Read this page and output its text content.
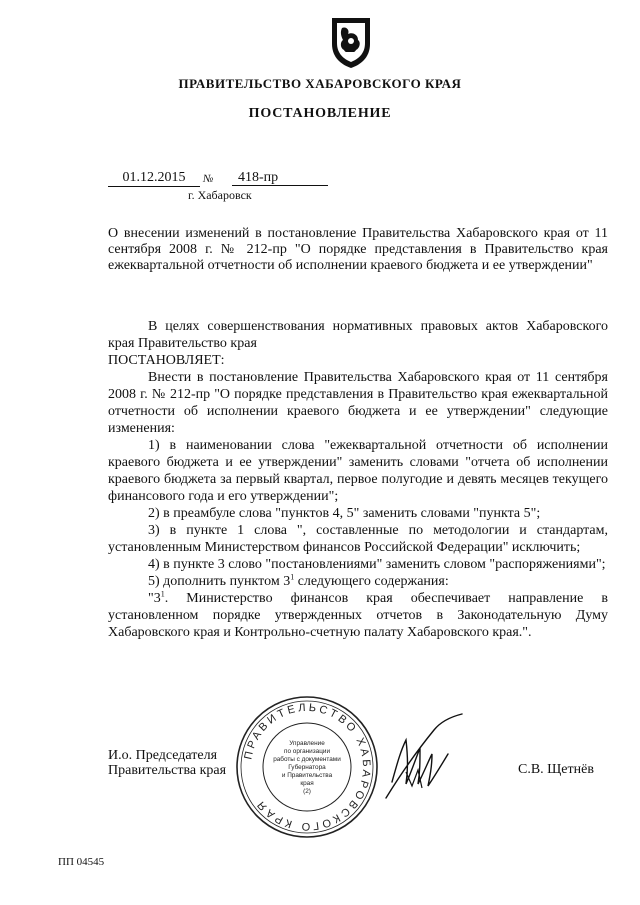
ПРАВИТЕЛЬСТВО ХАБАРОВСКОГО КРАЯ
ПОСТАНОВЛЕНИЕ
01.12.2015	№	418-пр
г. Хабаровск
О внесении изменений в постановление Правительства Хабаровского края от 11 сентября 2008 г. № 212-пр "О порядке представления в Правительство края ежеквартальной отчетности об исполнении краевого бюджета и ее утверждении"

В целях совершенствования нормативных правовых актов Хабаровского края Правительство края

ПОСТАНОВЛЯЕТ:

Внести в постановление Правительства Хабаровского края от 11 сентября 2008 г. № 212-пр "О порядке представления в Правительство края ежеквартальной отчетности об исполнении краевого бюджета и ее утверждении" следующие изменения:

1) в наименовании слова "ежеквартальной отчетности об исполнении краевого бюджета и ее утверждении" заменить словами "отчета об исполнении краевого бюджета за первый квартал, первое полугодие и девять месяцев текущего финансового года и его утверждении";

2) в преамбуле слова "пунктов 4, 5" заменить словами "пункта 5";

3) в пункте 1 слова ", составленные по методологии и стандартам, установленным Министерством финансов Российской Федерации" исключить;

4) в пункте 3 слово "постановлениями" заменить словом "распоряжениями";

5) дополнить пунктом $3^1$ следующего содержания:

"$3^1$. Министерство финансов края обеспечивает направление в установленном порядке утвержденных отчетов в Законодательную Думу Хабаровского края и Контрольно-счетную палату Хабаровского края.".

И.о. Председателя
Правительства края
ПРАВИТЕЛЬСТВО ХАБАРОВСКОГО КРАЯ
Управление
по организации
работы с документами
Губернатора
и Правительства
края
(2)
С.В. Щетнёв
ПП 04545
